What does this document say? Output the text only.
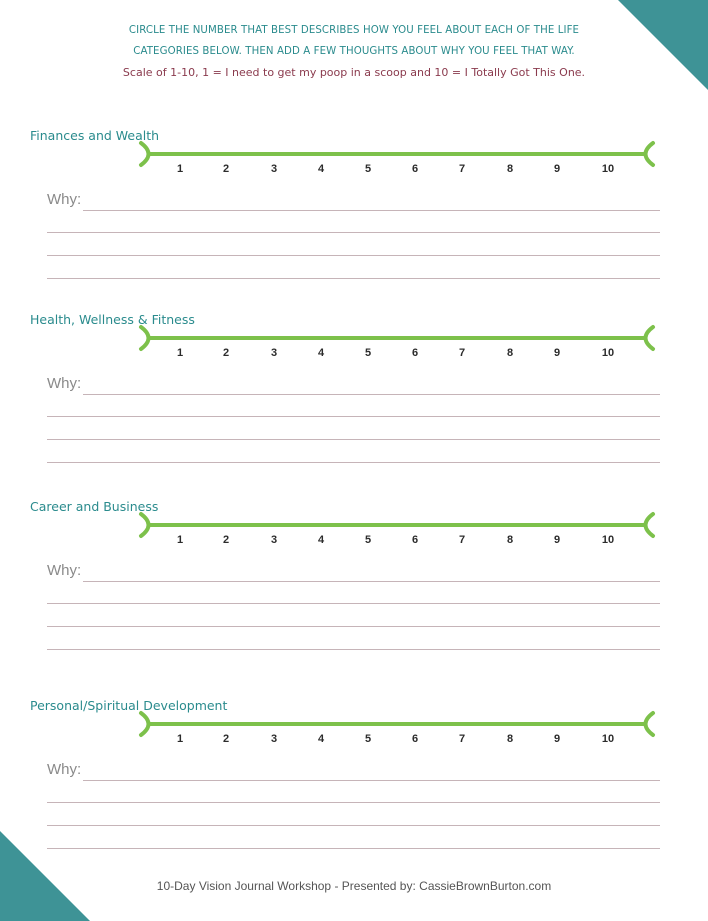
CIRCLE THE NUMBER THAT BEST DESCRIBES HOW YOU FEEL ABOUT EACH OF THE LIFE
CATEGORIES BELOW. THEN ADD A FEW THOUGHTS ABOUT WHY YOU FEEL THAT WAY.
Scale of 1-10, 1 = I need to get my poop in a scoop and 10 = I Totally Got This One.
Finances and Wealth
1	2	3	4	5	6	7	8	9	10
Why:
Health, Wellness & Fitness
1	2	3	4	5	6	7	8	9	10
Why:
Career and Business
1	2	3	4	5	6	7	8	9	10
Why:
Personal/Spiritual Development
1	2	3	4	5	6	7	8	9	10
Why:
10-Day Vision Journal Workshop - Presented by: CassieBrownBurton.com
